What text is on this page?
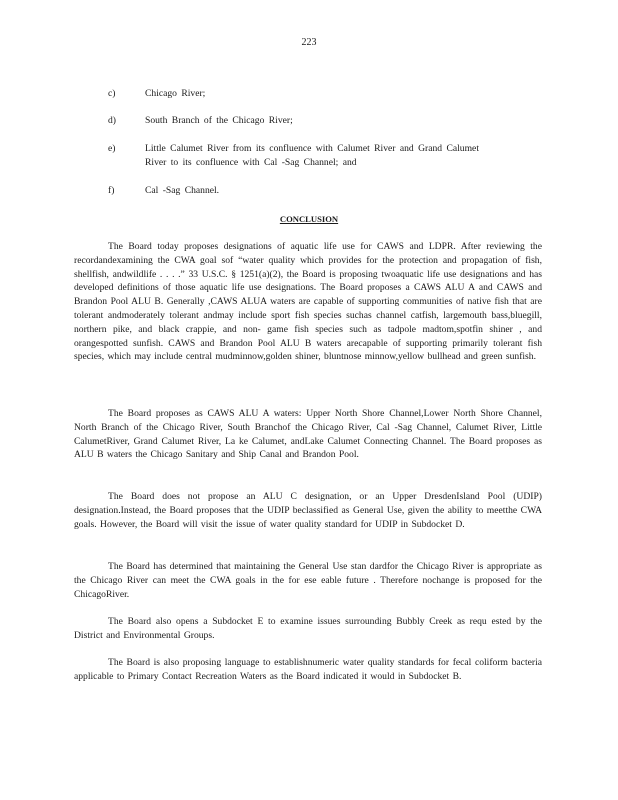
223
c)	Chicago River;
d)	South Branch of the Chicago River;
e)	Little Calumet River from its confluence with Calumet River and Grand Calumet River to its confluence with Cal -Sag Channel; and
f)	Cal -Sag Channel.
CONCLUSION

The Board today proposes designations of aquatic life use for CAWS and LDPR. After reviewing the recordandexamining the CWA goal sof “water quality which provides for the protection and propagation of fish, shellfish, andwildlife . . . .” 33 U.S.C. § 1251(a)(2), the Board is proposing twoaquatic life use designations and has developed definitions of those aquatic life use designations. The Board proposes a CAWS ALU A and CAWS and Brandon Pool ALU B. Generally ,CAWS ALUA waters are capable of supporting communities of native fish that are tolerant andmoderately tolerant andmay include sport fish species suchas channel catfish, largemouth bass,bluegill, northern pike, and black crappie, and non- game fish species such as tadpole madtom,spotfin shiner , and orangespotted sunfish. CAWS and Brandon Pool ALU B waters arecapable of supporting primarily tolerant fish species, which may include central mudminnow,golden shiner, bluntnose minnow,yellow bullhead and green sunfish.

The Board proposes as CAWS ALU A waters: Upper North Shore Channel,Lower North Shore Channel, North Branch of the Chicago River, South Branchof the Chicago River, Cal -Sag Channel, Calumet River, Little CalumetRiver, Grand Calumet River, La ke Calumet, andLake Calumet Connecting Channel. The Board proposes as ALU B waters the Chicago Sanitary and Ship Canal and Brandon Pool.

The Board does not propose an ALU C designation, or an Upper DresdenIsland Pool (UDIP) designation.Instead, the Board proposes that the UDIP beclassified as General Use, given the ability to meetthe CWA goals. However, the Board will visit the issue of water quality standard for UDIP in Subdocket D.

The Board has determined that maintaining the General Use stan dardfor the Chicago River is appropriate as the Chicago River can meet the CWA goals in the for ese eable future . Therefore nochange is proposed for the ChicagoRiver.

The Board also opens a Subdocket E to examine issues surrounding Bubbly Creek as requ ested by the District and Environmental Groups.

The Board is also proposing language to establishnumeric water quality standards for fecal coliform bacteria applicable to Primary Contact Recreation Waters as the Board indicated it would in Subdocket B.
